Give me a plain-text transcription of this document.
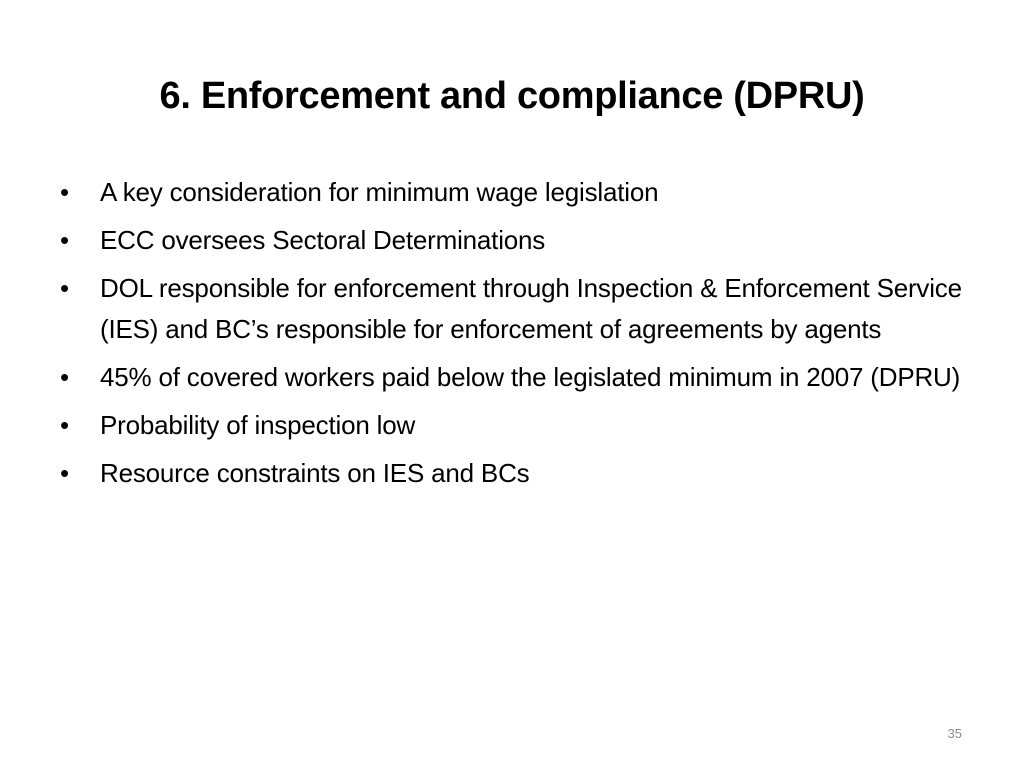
6. Enforcement and compliance (DPRU)
•	A key consideration for minimum wage legislation
•	ECC oversees Sectoral Determinations
•	DOL responsible for enforcement through Inspection & Enforcement Service (IES) and BC’s responsible for enforcement of agreements by agents
•	45% of covered workers paid below the legislated minimum in 2007 (DPRU)
•	Probability of inspection low
•	Resource constraints on IES and BCs
35
